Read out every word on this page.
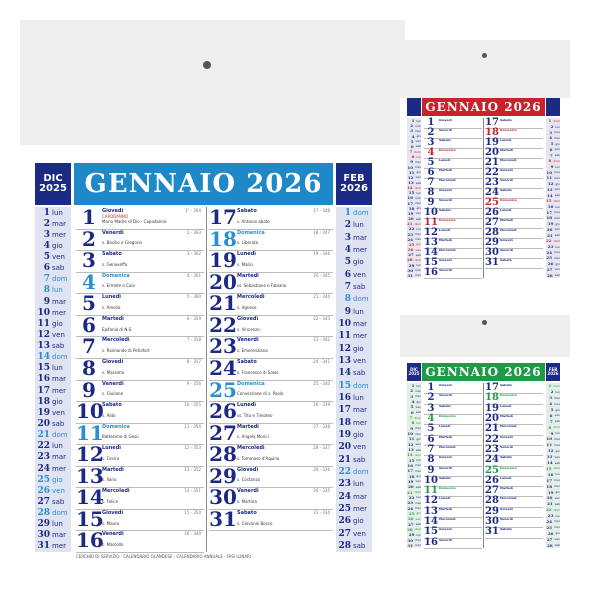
DIC
2025 GENNAIO 2026	FEB
2026
1 lun
2 mar
3 mer
4 gio
5 ven
6 sab
7 dom
8 lun
9 mar
10 mer
11 gio
12 ven
13 sab
14 dom
15 lun
16 mar
17 mer
18 gio
19 ven
20 sab
21 dom
22 lun
23 mar
24 mer
25 gio
26 ven
27 sab
28 dom
29 lun
30 mar
31 mer
1	Giovedì
CAPODANNO
Maria Madre di Dio - Capodanno
1° - 364
2	Venerdì
s. Basilio e Gregorio
2 - 363
3	Sabato
s. Genoveffa
3 - 362
4	Domenica
s. Ermete e Caio
4 - 361
5	Lunedì
s. Amelia
5 - 360
6	Martedì
Epifania di N.S.
6 - 359
7	Mercoledì
s. Raimondo di Peñafort
7 - 358
8	Giovedì
s. Massimo
8 - 357
9	Venerdì
s. Giuliano
9 - 356
10
Sabato
s. Aldo
10 - 355
11
Domenica
Battesimo di Gesù
11 - 354
12
Lunedì
s. Cesira
12 - 353
13
Martedì
s. Ilario
13 - 352
14
Mercoledì
s. Felice
14 - 351
15
Giovedì
s. Mauro
15 - 350
16
Venerdì
s. Marcello
16 - 349
17 Sabato
s. Antonio abate
17 - 348
18 Domenica
s. Liberata
18 - 347
19 Lunedì
s. Mario
19 - 346
20 Martedì
ss. Sebastiano e Fabiano
20 - 345
21 Mercoledì
s. Agnese
21 - 344
22 Giovedì
s. Vincenzo
22 - 343
23 Venerdì
s. Emerenziana
23 - 342
24 Sabato
s. Francesco di Sales
24 - 341
25 Domenica
Conversione di s. Paolo
25 - 340
26 Lunedì
ss. Tito e Timoteo
26 - 339
27 Martedì
s. Angela Merici
27 - 338
28 Mercoledì
s. Tommaso d'Aquino
28 - 337
29 Giovedì
s. Costanzo
29 - 336
30 Venerdì
s. Martina
30 - 335
31 Sabato
s. Giovanni Bosco
31 - 334
1 dom
2 lun
3 mar
4 mer
5 gio
6 ven
7 sab
8 dom
9 lun
10 mar
11 mer
12 gio
13 ven
14 sab
15 dom
16 lun
17 mar
18 mer
19 gio
20 ven
21 sab
22 dom
23 lun
24 mar
25 mer
26 gio
27 ven
28 sab
CERCHIO DI SERVIZIO · CALENDARIO OLANDESE · CALENDARIO ANNUALE · FASI LUNARI
GENNAIO 2026
1 lun
2 mar
3 mer
4 gio
5 ven
6 sab
7 dom
8 lun
9 mar
10 mer
11 gio
12 ven
13 sab
14 dom
15 lun
16 mar
17 mer
18 gio
19 ven
20 sab
21 dom
22 lun
23 mar
24 mer
25 gio
26 ven
27 sab
28 dom
29 lun
30 mar
31 mer
1	Giovedì
2	Venerdì
3	Sabato
4	Domenica
5	Lunedì
6	Martedì
7	Mercoledì
8	Giovedì
9	Venerdì
10 Sabato
11 Domenica
12 Lunedì
13 Martedì
14 Mercoledì
15 Giovedì
16 Venerdì
17 Sabato
18 Domenica
19 Lunedì
20 Martedì
21 Mercoledì
22 Giovedì
23 Venerdì
24 Sabato
25 Domenica
26 Lunedì
27 Martedì
28 Mercoledì
29 Giovedì
30 Venerdì
31 Sabato
1 dom
2 lun
3 mar
4 mer
5 gio
6 ven
7 sab
8 dom
9 lun
10 mar
11 mer
12 gio
13 ven
14 sab
15 dom
16 lun
17 mar
18 mer
19 gio
20 ven
21 sab
22 dom
23 lun
24 mar
25 mer
26 gio
27 ven
28 sab
DIC
2025 GENNAIO 2026	FEB
2026
1 lun
2 mar
3 mer
4 gio
5 ven
6 sab
7 dom
8 lun
9 mar
10 mer
11 gio
12 ven
13 sab
14 dom
15 lun
16 mar
17 mer
18 gio
19 ven
20 sab
21 dom
22 lun
23 mar
24 mer
25 gio
26 ven
27 sab
28 dom
29 lun
30 mar
31 mer
1	Giovedì
2	Venerdì
3	Sabato
4	Domenica
5	Lunedì
6	Martedì
7	Mercoledì
8	Giovedì
9	Venerdì
10 Sabato
11 Domenica
12 Lunedì
13 Martedì
14 Mercoledì
15 Giovedì
16 Venerdì
17 Sabato
18 Domenica
19 Lunedì
20 Martedì
21 Mercoledì
22 Giovedì
23 Venerdì
24 Sabato
25 Domenica
26 Lunedì
27 Martedì
28 Mercoledì
29 Giovedì
30 Venerdì
31 Sabato
1 dom
2 lun
3 mar
4 mer
5 gio
6 ven
7 sab
8 dom
9 lun
10 mar
11 mer
12 gio
13 ven
14 sab
15 dom
16 lun
17 mar
18 mer
19 gio
20 ven
21 sab
22 dom
23 lun
24 mar
25 mer
26 gio
27 ven
28 sab
